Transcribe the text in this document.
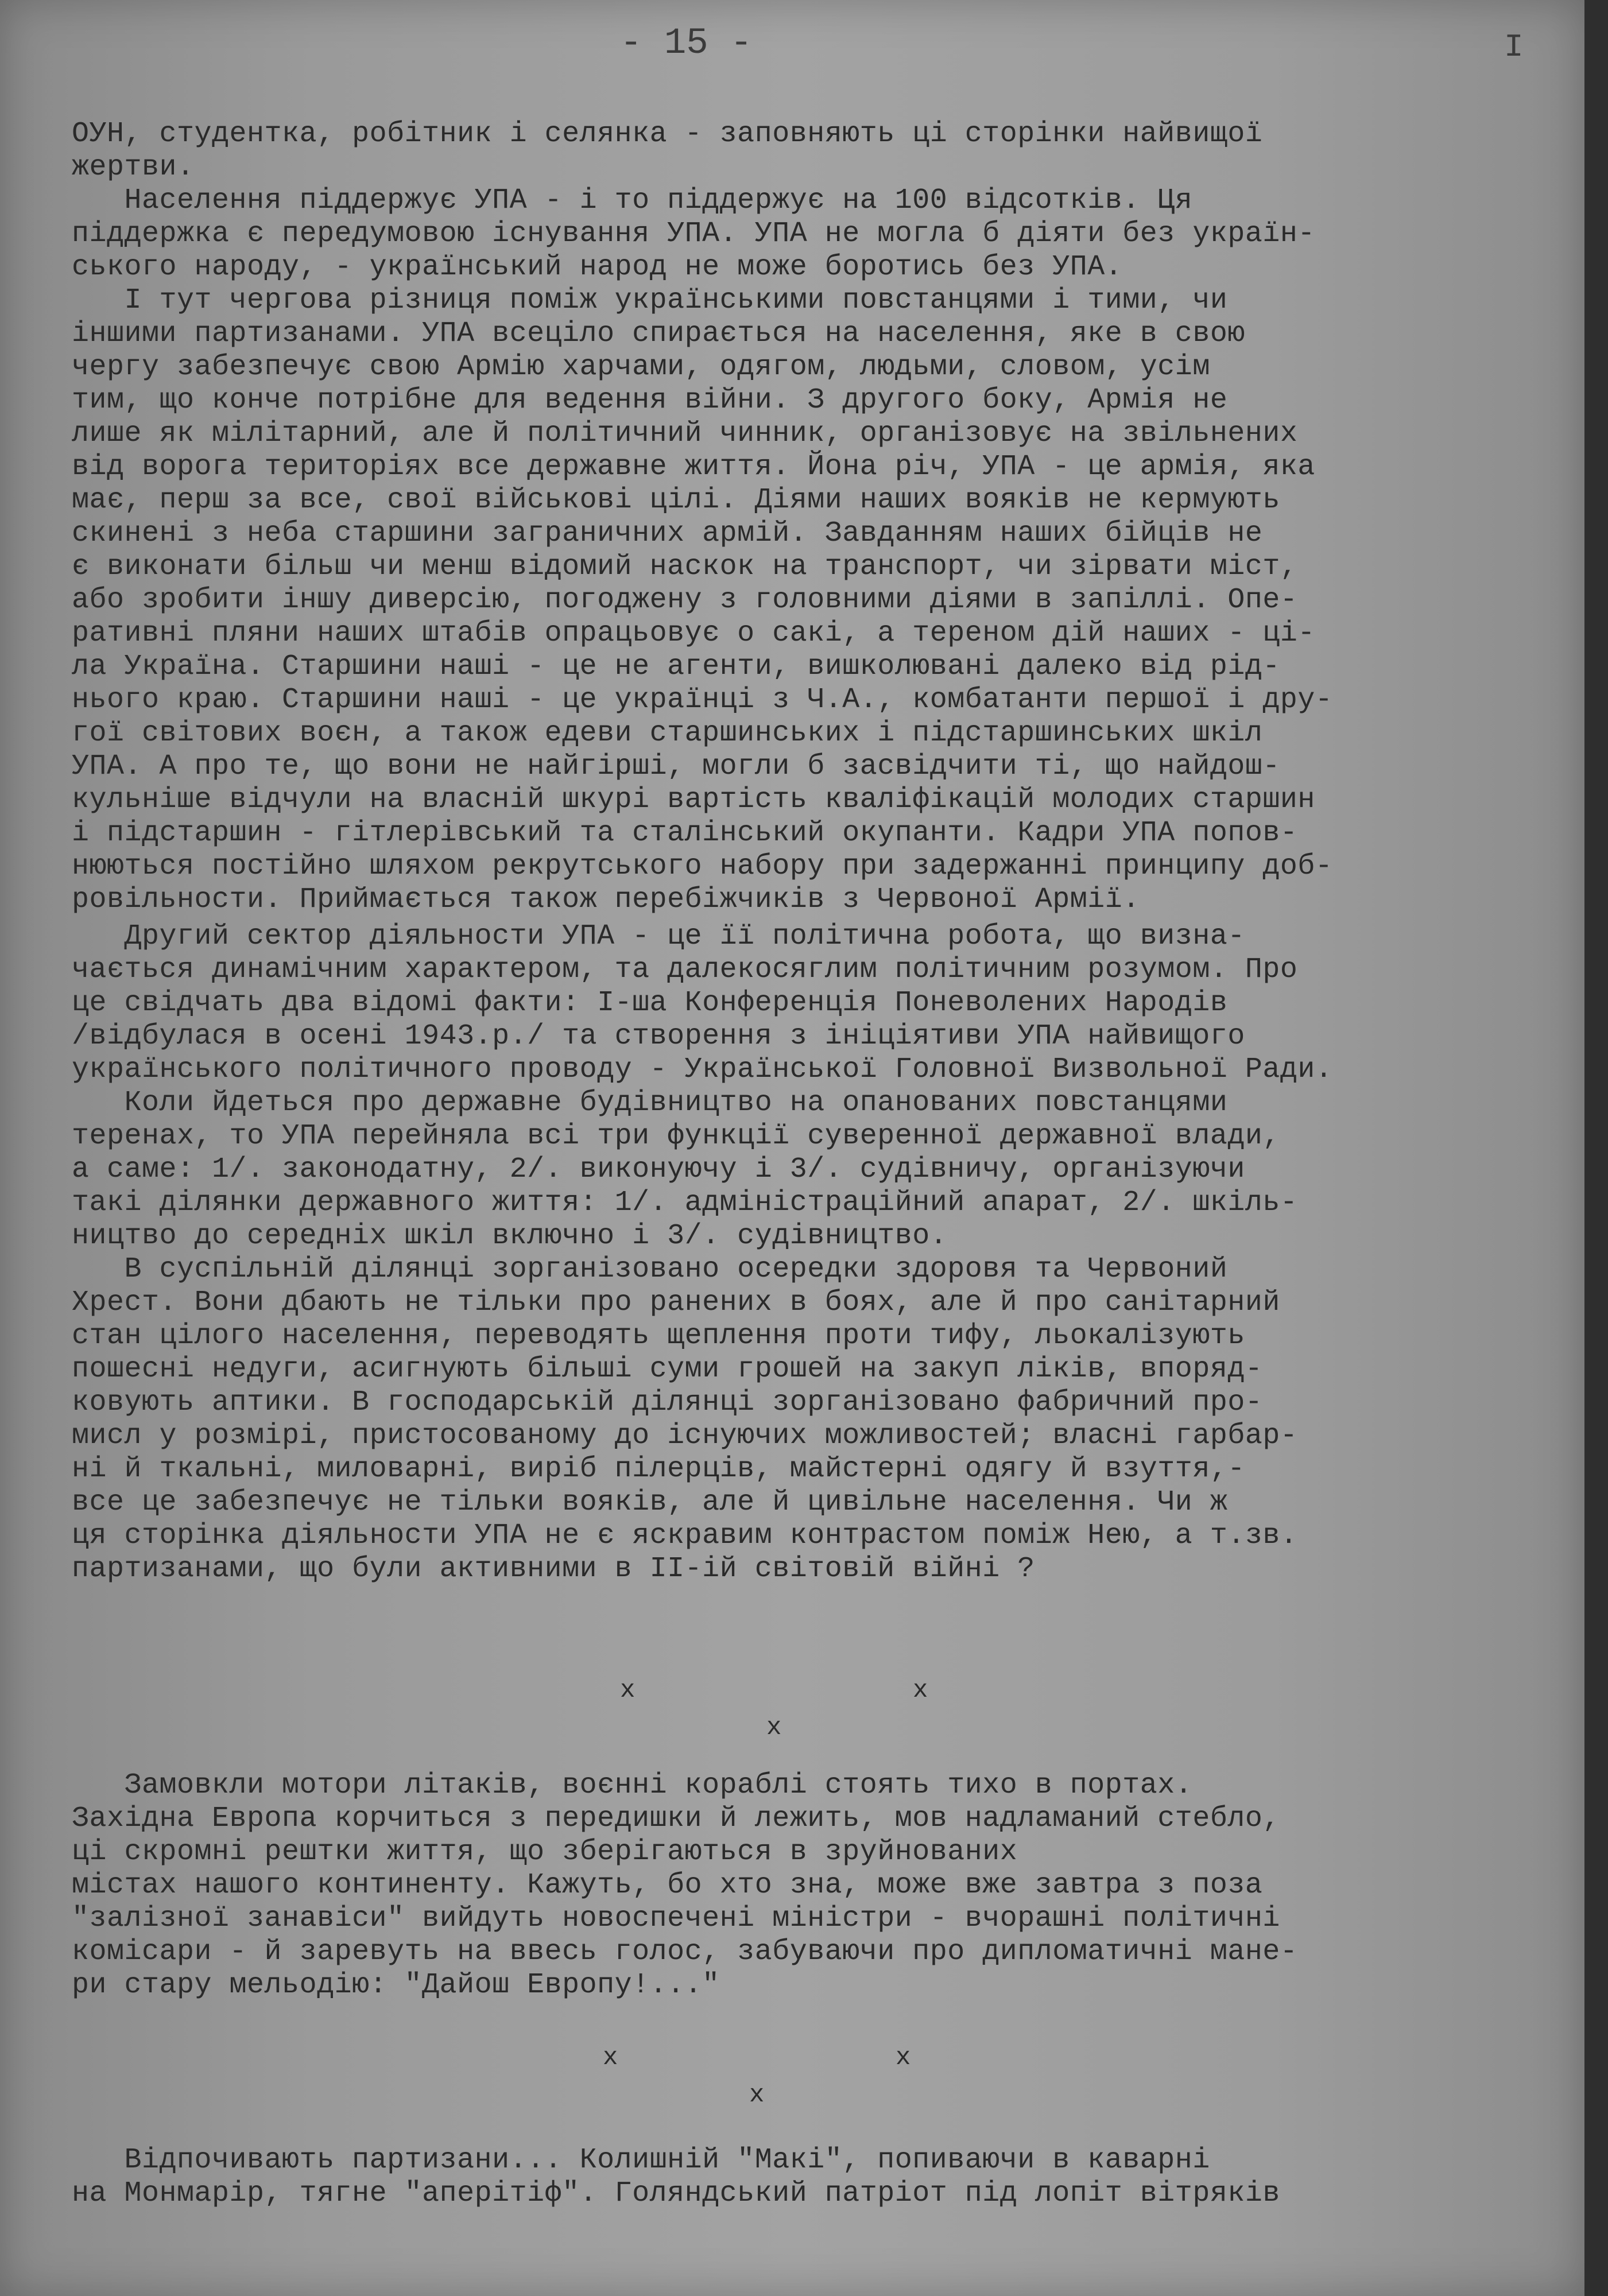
- 15 -	I

ОУН, студентка, робітник і селянка - заповняють ці сторінки найвищої
жертви.

Населення піддержує УПА - і то піддержує на 100 відсотків. Ця
піддержка є передумовою існування УПА. УПА не могла б діяти без україн-
ського народу, - український народ не може боротись без УПА.

І тут чергова різниця поміж українськими повстанцями і тими, чи
іншими партизанами. УПА всеціло спирається на населення, яке в свою
чергу забезпечує свою Армію харчами, одягом, людьми, словом, усім
тим, що конче потрібне для ведення війни. З другого боку, Армія не
лише як мілітарний, але й політичний чинник, організовує на звільнених
від ворога територіях все державне життя. Йона річ, УПА - це армія, яка
має, перш за все, свої військові цілі. Діями наших вояків не кермують
скинені з неба старшини заграничних армій. Завданням наших бійців не
є виконати більш чи менш відомий наскок на транспорт, чи зірвати міст,
або зробити іншу диверсію, погоджену з головними діями в запіллі. Опе-
ративні пляни наших штабів опрацьовує о сакі, а тереном дій наших - ці-
ла Україна. Старшини наші - це не агенти, вишколювані далеко від рід-
нього краю. Старшини наші - це українці з Ч.А., комбатанти першої і дру-
гої світових воєн, а також едеви старшинських і підстаршинських шкіл
УПА. А про те, що вони не найгірші, могли б засвідчити ті, що найдош-
кульніше відчули на власній шкурі вартість кваліфікацій молодих старшин
і підстаршин - гітлерівський та сталінський окупанти. Кадри УПА попов-
нюються постійно шляхом рекрутського набору при задержанні принципу доб-
ровільности. Приймається також перебіжчиків з Червоної Армії.

Другий сектор діяльности УПА - це її політична робота, що визна-
чається динамічним характером, та далекосяглим політичним розумом. Про
це свідчать два відомі факти: І-ша Конференція Поневолених Народів
/відбулася в осені 1943.р./ та створення з ініціятиви УПА найвищого
українського політичного проводу - Української Головної Визвольної Ради.

Коли йдеться про державне будівництво на опанованих повстанцями
теренах, то УПА перейняла всі три функції суверенної державної влади,
а саме: 1/. законодатну, 2/. виконуючу і 3/. судівничу, організуючи
такі ділянки державного життя: 1/. адміністраційний апарат, 2/. шкіль-
ництво до середніх шкіл включно і 3/. судівництво.

В суспільній ділянці зорганізовано осередки здоровя та Червоний
Хрест. Вони дбають не тільки про ранених в боях, але й про санітарний
стан цілого населення, переводять щеплення проти тифу, льокалізують
пошесні недуги, асигнують більші суми грошей на закуп ліків, впоряд-
ковують аптики. В господарській ділянці зорганізовано фабричний про-
мисл у розмірі, пристосованому до існуючих можливостей; власні гарбар-
ні й ткальні, миловарні, виріб пілерців, майстерні одягу й взуття,-
все це забезпечує не тільки вояків, але й цивільне населення. Чи ж
ця сторінка діяльности УПА не є яскравим контрастом поміж Нею, а т.зв.
партизанами, що були активними в ІІ-ій світовій війні ?

x	x
x

Замовкли мотори літаків, воєнні кораблі стоять тихо в портах.
Західна Европа корчиться з передишки й лежить, мов надламаний стебло,
ці скромні рештки життя, що зберігаються в зруйнованих
містах нашого континенту. Кажуть, бо хто зна, може вже завтра з поза
"залізної занавіси" вийдуть новоспечені міністри - вчорашні політичні
комісари - й заревуть на ввесь голос, забуваючи про дипломатичні мане-
ри стару мельодію: "Дайош Европу!..."

x	x
x

Відпочивають партизани... Колишній "Макі", попиваючи в каварні
на Монмарір, тягне "аперітіф". Голяндський патріот під лопіт вітряків
